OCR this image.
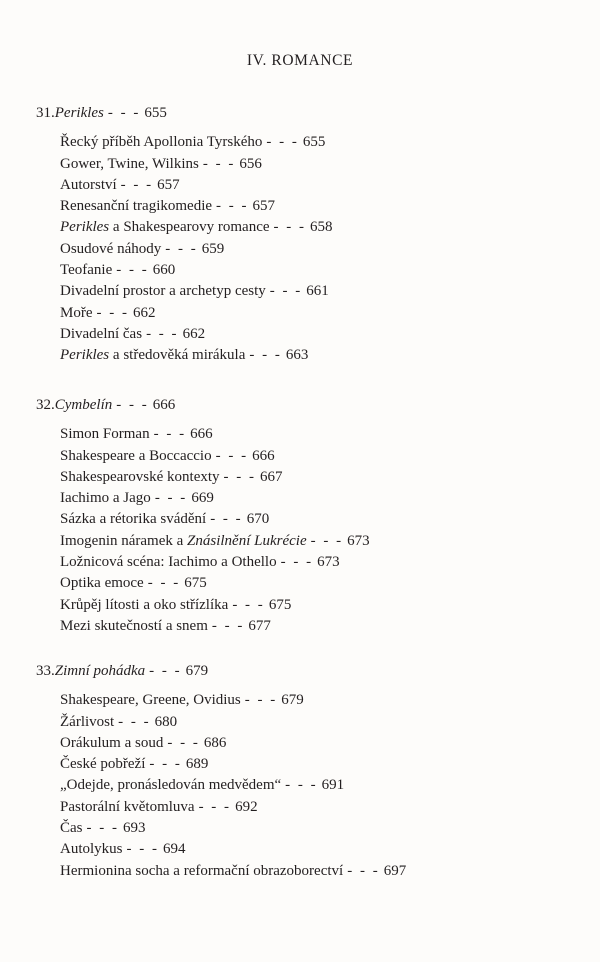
IV. ROMANCE
31.Perikles - - - 655
Řecký příběh Apollonia Tyrského - - - 655
Gower, Twine, Wilkins - - - 656
Autorství - - - 657
Renesanční tragikomedie - - - 657
Perikles a Shakespearovy romance - - - 658
Osudové náhody - - - 659
Teofanie - - - 660
Divadelní prostor a archetyp cesty - - - 661
Moře - - - 662
Divadelní čas - - - 662
Perikles a středověká mirákula - - - 663
32.Cymbelín - - - 666
Simon Forman - - - 666
Shakespeare a Boccaccio - - - 666
Shakespearovské kontexty - - - 667
Iachimo a Jago - - - 669
Sázka a rétorika svádění - - - 670
Imogenin náramek a Znásilnění Lukrécie - - - 673
Ložnicová scéna: Iachimo a Othello - - - 673
Optika emoce - - - 675
Krůpěj lítosti a oko střízlíka - - - 675
Mezi skutečností a snem - - - 677
33.Zimní pohádka - - - 679
Shakespeare, Greene, Ovidius - - - 679
Žárlivost - - - 680
Orákulum a soud - - - 686
České pobřeží - - - 689
„Odejde, pronásledován medvědem“ - - - 691
Pastorální květomluva - - - 692
Čas - - - 693
Autolykus - - - 694
Hermionina socha a reformační obrazoborectví - - - 697
